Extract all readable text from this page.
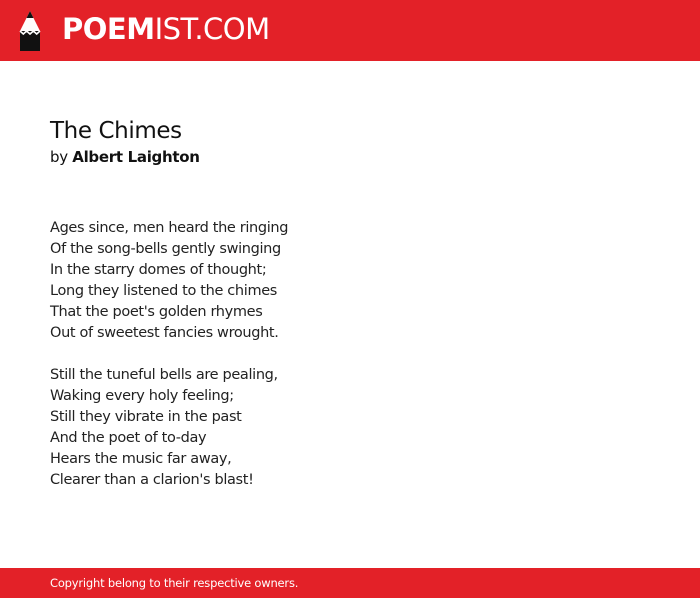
POEMIST.COM
The Chimes
by Albert Laighton

Ages since, men heard the ringing
Of the song-bells gently swinging
In the starry domes of thought;
Long they listened to the chimes
That the poet's golden rhymes
Out of sweetest fancies wrought.

Still the tuneful bells are pealing,
Waking every holy feeling;
Still they vibrate in the past
And the poet of to-day
Hears the music far away,
Clearer than a clarion's blast!

Copyright belong to their respective owners.
